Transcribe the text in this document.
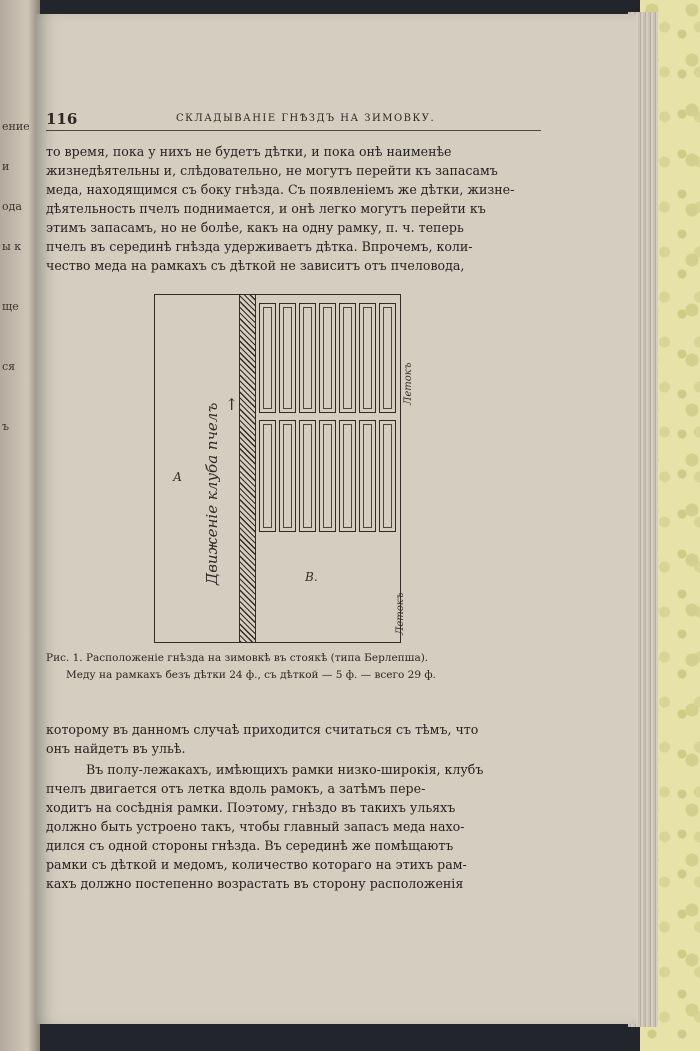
ение
и
ода
ы к
ще
ся
ъ
116	СКЛАДЫВАНІЕ ГНѢЗДЪ НА ЗИМОВКУ.

то время, пока у нихъ не будетъ дѣтки, и пока онѣ наименѣе

жизнедѣятельны и, слѣдовательно, не могутъ перейти къ запасамъ

меда, находящимся съ боку гнѣзда. Съ появленіемъ же дѣтки, жизне-

дѣятельность пчелъ поднимается, и онѣ легко могутъ перейти къ

этимъ запасамъ, но не болѣе, какъ на одну рамку, п. ч. теперь

пчелъ въ серединѣ гнѣзда удерживаетъ дѣтка. Впрочемъ, коли-

чество меда на рамкахъ съ дѣткой не зависитъ отъ пчеловода,

Движеніе клуба пчелъ ↑
А
В.
Летокъ
Летокъ
Рис. 1. Расположеніе гнѣзда на зимовкѣ въ стоякѣ (типа Берлепша).
Меду на рамкахъ безъ дѣтки 24 ф., съ дѣткой — 5 ф. — всего 29 ф.

которому въ данномъ случаѣ приходится считаться съ тѣмъ, что

онъ найдетъ въ ульѣ.

Въ полу-лежакахъ, имѣющихъ рамки низко-широкія, клубъ

пчелъ двигается отъ летка вдоль рамокъ, а затѣмъ пере-

ходитъ на сосѣднія рамки. Поэтому, гнѣздо въ такихъ ульяхъ

должно быть устроено такъ, чтобы главный запасъ меда нахо-

дился съ одной стороны гнѣзда. Въ серединѣ же помѣщаютъ

рамки съ дѣткой и медомъ, количество котораго на этихъ рам-

кахъ должно постепенно возрастать въ сторону расположенія
